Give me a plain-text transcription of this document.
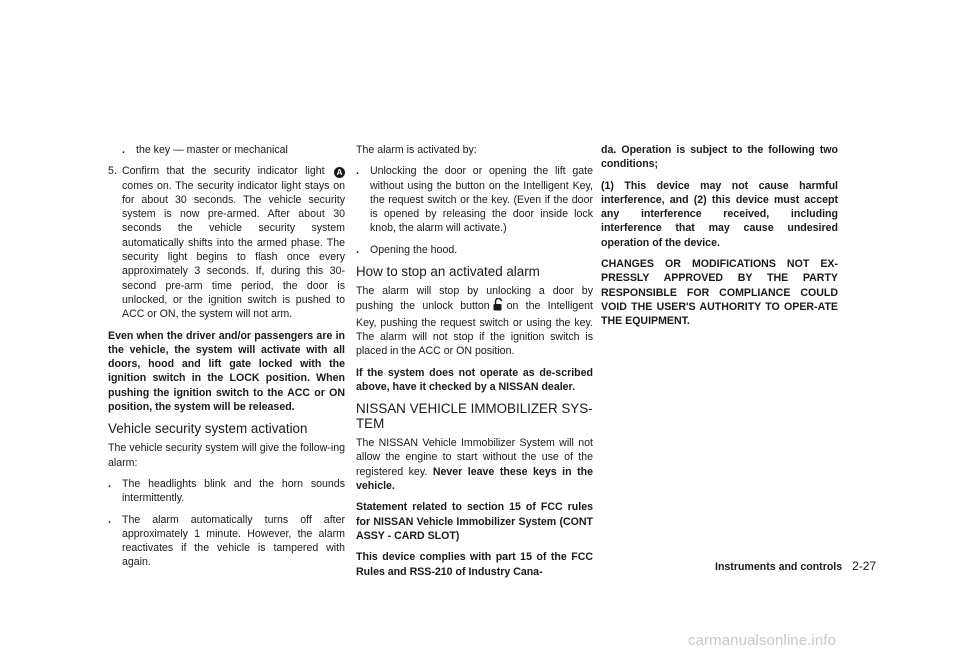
.	the key — master or mechanical
5. Confirm that the security indicator light A comes on. The security indicator light stays on for about 30 seconds. The vehicle security system is now pre-armed. After about 30 seconds the vehicle security system automatically shifts into the armed phase. The security light begins to flash once every approximately 3 seconds. If, during this 30-second pre-arm time period, the door is unlocked, or the ignition switch is pushed to ACC or ON, the system will not arm.

Even when the driver and/or passengers are in the vehicle, the system will activate with all doors, hood and lift gate locked with the ignition switch in the LOCK position. When pushing the ignition switch to the ACC or ON position, the system will be released.

Vehicle security system activation

The vehicle security system will give the follow-ing alarm:

.	The headlights blink and the horn sounds intermittently.
.	The alarm automatically turns off after approximately 1 minute. However, the alarm reactivates if the vehicle is tampered with again.

The alarm is activated by:

.	Unlocking the door or opening the lift gate without using the button on the Intelligent Key, the request switch or the key. (Even if the door is opened by releasing the door inside lock knob, the alarm will activate.)
.	Opening the hood.
How to stop an activated alarm

The alarm will stop by unlocking a door by pushing the unlock button on the Intelligent Key, pushing the request switch or using the key. The alarm will not stop if the ignition switch is placed in the ACC or ON position.

If the system does not operate as de-scribed above, have it checked by a NISSAN dealer.

NISSAN VEHICLE IMMOBILIZER SYS-TEM

The NISSAN Vehicle Immobilizer System will not allow the engine to start without the use of the registered key. Never leave these keys in the vehicle.

Statement related to section 15 of FCC rules for NISSAN Vehicle Immobilizer System (CONT ASSY - CARD SLOT)

This device complies with part 15 of the FCC Rules and RSS-210 of Industry Cana-

da. Operation is subject to the following two conditions;

(1) This device may not cause harmful interference, and (2) this device must accept any interference received, including interference that may cause undesired operation of the device.

CHANGES OR MODIFICATIONS NOT EX-PRESSLY APPROVED BY THE PARTY RESPONSIBLE FOR COMPLIANCE COULD VOID THE USER'S AUTHORITY TO OPER-ATE THE EQUIPMENT.

Instruments and controls 2-27
carmanualsonline.info
